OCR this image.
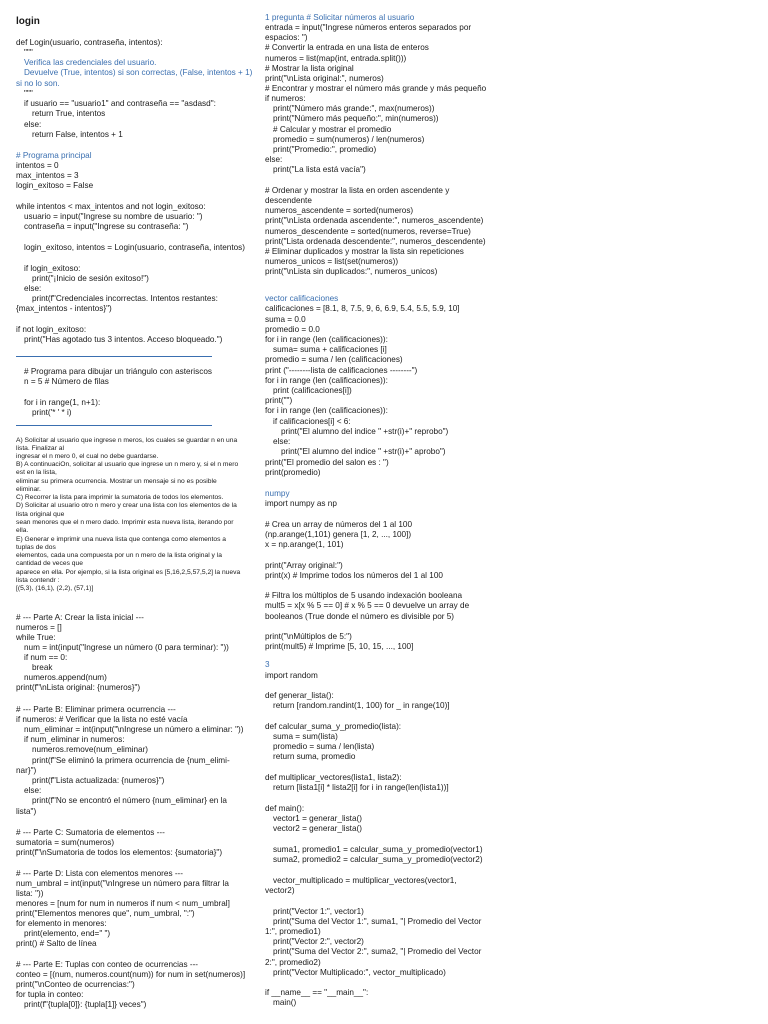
login
def Login(usuario, contraseña, intentos):
"""
Verifica las credenciales del usuario.
Devuelve (True, intentos) si son correctas, (False, intentos + 1)
si no lo son.
"""
if usuario == "usuario1" and contraseña == "asdasd":
return True, intentos
else:
return False, intentos + 1
# Programa principal
intentos = 0
max_intentos = 3
login_exitoso = False
while intentos < max_intentos and not login_exitoso:
usuario = input("Ingrese su nombre de usuario: ")
contraseña = input("Ingrese su contraseña: ")
login_exitoso, intentos = Login(usuario, contraseña, intentos)
if login_exitoso:
print("¡Inicio de sesión exitoso!")
else:
print(f"Credenciales incorrectas. Intentos restantes:
{max_intentos - intentos}")
if not login_exitoso:
print("Has agotado tus 3 intentos. Acceso bloqueado.")
# Programa para dibujar un triángulo con asteriscos
n = 5 # Número de filas
for i in range(1, n+1):
print('* ' * i)
A) Solicitar al usuario que ingrese n meros, los cuales se guardar n en una
lista. Finalizar al
ingresar el n mero 0, el cual no debe guardarse.
B) A continuaciÓn, solicitar al usuario que ingrese un n mero y, si el n mero
est en la lista,
eliminar su primera ocurrencia. Mostrar un mensaje si no es posible
eliminar.
C) Recorrer la lista para imprimir la sumatoria de todos los elementos.
D) Solicitar al usuario otro n mero y crear una lista con los elementos de la
lista original que
sean menores que el n mero dado. Imprimir esta nueva lista, iterando por
ella.
E) Generar e imprimir una nueva lista que contenga como elementos a
tuplas de dos
elementos, cada una compuesta por un n mero de la lista original y la
cantidad de veces que
aparece en ella. Por ejemplo, si la lista original es [5,16,2,5,57,5,2] la nueva
lista contendr :
[(5,3), (16,1), (2,2), (57,1)]
# --- Parte A: Crear la lista inicial ---
numeros = []
while True:
num = int(input("Ingrese un número (0 para terminar): "))
if num == 0:
break
numeros.append(num)
print(f"\nLista original: {numeros}")
# --- Parte B: Eliminar primera ocurrencia ---
if numeros: # Verificar que la lista no esté vacía
num_eliminar = int(input("\nIngrese un número a eliminar: "))
if num_eliminar in numeros:
numeros.remove(num_eliminar)
print(f"Se eliminó la primera ocurrencia de {num_elimi-
nar}")
print(f"Lista actualizada: {numeros}")
else:
print(f"No se encontró el número {num_eliminar} en la
lista")
# --- Parte C: Sumatoria de elementos ---
sumatoria = sum(numeros)
print(f"\nSumatoria de todos los elementos: {sumatoria}")
# --- Parte D: Lista con elementos menores ---
num_umbral = int(input("\nIngrese un número para filtrar la
lista: "))
menores = [num for num in numeros if num < num_umbral]
print("Elementos menores que", num_umbral, ":")
for elemento in menores:
print(elemento, end=" ")
print() # Salto de línea
# --- Parte E: Tuplas con conteo de ocurrencias ---
conteo = [(num, numeros.count(num)) for num in set(numeros)]
print("\nConteo de ocurrencias:")
for tupla in conteo:
print(f"{tupla[0]}: {tupla[1]} veces")
1 pregunta # Solicitar números al usuario
entrada = input("Ingrese números enteros separados por
espacios: ")
# Convertir la entrada en una lista de enteros
numeros = list(map(int, entrada.split()))
# Mostrar la lista original
print("\nLista original:", numeros)
# Encontrar y mostrar el número más grande y más pequeño
if numeros:
print("Número más grande:", max(numeros))
print("Número más pequeño:", min(numeros))
# Calcular y mostrar el promedio
promedio = sum(numeros) / len(numeros)
print("Promedio:", promedio)
else:
print("La lista está vacía")
# Ordenar y mostrar la lista en orden ascendente y
descendente
numeros_ascendente = sorted(numeros)
print("\nLista ordenada ascendente:", numeros_ascendente)
numeros_descendente = sorted(numeros, reverse=True)
print("Lista ordenada descendente:", numeros_descendente)
# Eliminar duplicados y mostrar la lista sin repeticiones
numeros_unicos = list(set(numeros))
print("\nLista sin duplicados:", numeros_unicos)
vector calificaciones
calificaciones = [8.1, 8, 7.5, 9, 6, 6.9, 5.4, 5.5, 5.9, 10]
suma = 0.0
promedio = 0.0
for i in range (len (calificaciones)):
suma= suma + calificaciones [i]
promedio = suma / len (calificaciones)
print ("--------lista de calificaciones --------")
for i in range (len (calificaciones)):
print (calificaciones[i])
print("")
for i in range (len (calificaciones)):
if calificaciones[i] < 6:
print("El alumno del indice " +str(i)+" reprobo")
else:
print("El alumno del indice " +str(i)+" aprobo")
print("El promedio del salon es : ")
print(promedio)
numpy
import numpy as np
# Crea un array de números del 1 al 100
(np.arange(1,101) genera [1, 2, ..., 100])
x = np.arange(1, 101)
print("Array original:")
print(x) # Imprime todos los números del 1 al 100
# Filtra los múltiplos de 5 usando indexación booleana
mult5 = x[x % 5 == 0] # x % 5 == 0 devuelve un array de
booleanos (True donde el número es divisible por 5)
print("\nMúltiplos de 5:")
print(mult5) # Imprime [5, 10, 15, ..., 100]
3
import random
def generar_lista():
return [random.randint(1, 100) for _ in range(10)]
def calcular_suma_y_promedio(lista):
suma = sum(lista)
promedio = suma / len(lista)
return suma, promedio
def multiplicar_vectores(lista1, lista2):
return [lista1[i] * lista2[i] for i in range(len(lista1))]
def main():
vector1 = generar_lista()
vector2 = generar_lista()
suma1, promedio1 = calcular_suma_y_promedio(vector1)
suma2, promedio2 = calcular_suma_y_promedio(vector2)
vector_multiplicado = multiplicar_vectores(vector1,
vector2)
print("Vector 1:", vector1)
print("Suma del Vector 1:", suma1, "| Promedio del Vector
1:", promedio1)
print("Vector 2:", vector2)
print("Suma del Vector 2:", suma2, "| Promedio del Vector
2:", promedio2)
print("Vector Multiplicado:", vector_multiplicado)
if __name__ == "__main__":
main()
